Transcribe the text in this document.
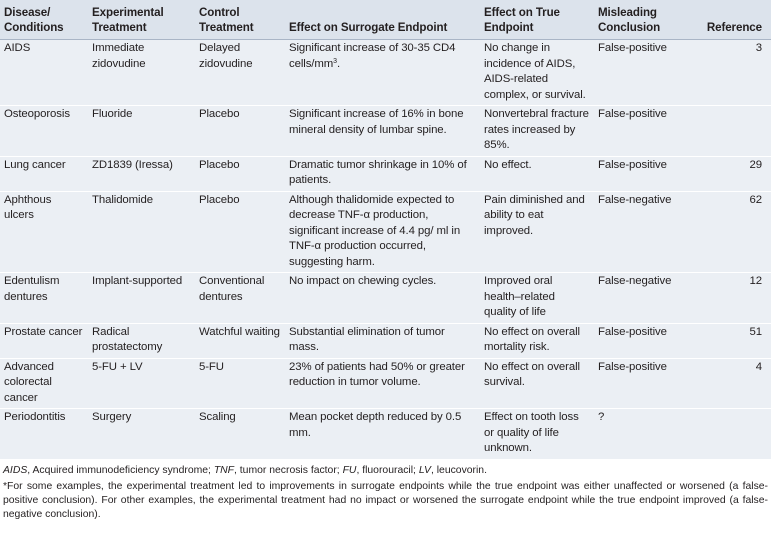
Disease/ Conditions	Experimental Treatment	Control Treatment	Effect on Surrogate Endpoint	Effect on True Endpoint	Misleading Conclusion	Reference
AIDS	Immediate zidovudine	Delayed zidovudine	Significant increase of 30-35 CD4 cells/$mm^3$.	No change in incidence of AIDS, AIDS-related complex, or survival.	False-positive	3
Osteoporosis	Fluoride	Placebo	Significant increase of 16% in bone mineral density of lumbar spine.	Nonvertebral fracture rates increased by 85%.	False-positive	
Lung cancer	ZD1839 (Iressa)	Placebo	Dramatic tumor shrinkage in 10% of patients.	No effect.	False-positive	29
Aphthous ulcers	Thalidomide	Placebo	Although thalidomide expected to decrease TNF-α production, significant increase of 4.4 pg/ ml in TNF-α production occurred, suggesting harm.	Pain diminished and ability to eat improved.	False-negative	62
Edentulism dentures	Implant-supported	Conventional dentures	No impact on chewing cycles.	Improved oral health–related quality of life	False-negative	12
Prostate cancer	Radical prostatectomy	Watchful waiting	Substantial elimination of tumor mass.	No effect on overall mortality risk.	False-positive	51
Advanced colorectal cancer	5-FU + LV	5-FU	23% of patients had 50% or greater reduction in tumor volume.	No effect on overall survival.	False-positive	4
Periodontitis	Surgery	Scaling	Mean pocket depth reduced by 0.5 mm.	Effect on tooth loss or quality of life unknown.	?	

AIDS, Acquired immunodeficiency syndrome; TNF, tumor necrosis factor; FU, fluorouracil; LV, leucovorin.

*For some examples, the experimental treatment led to improvements in surrogate endpoints while the true endpoint was either unaffected or worsened (a false-positive conclusion). For other examples, the experimental treatment had no impact or worsened the surrogate endpoint while the true endpoint improved (a false-negative conclusion).
